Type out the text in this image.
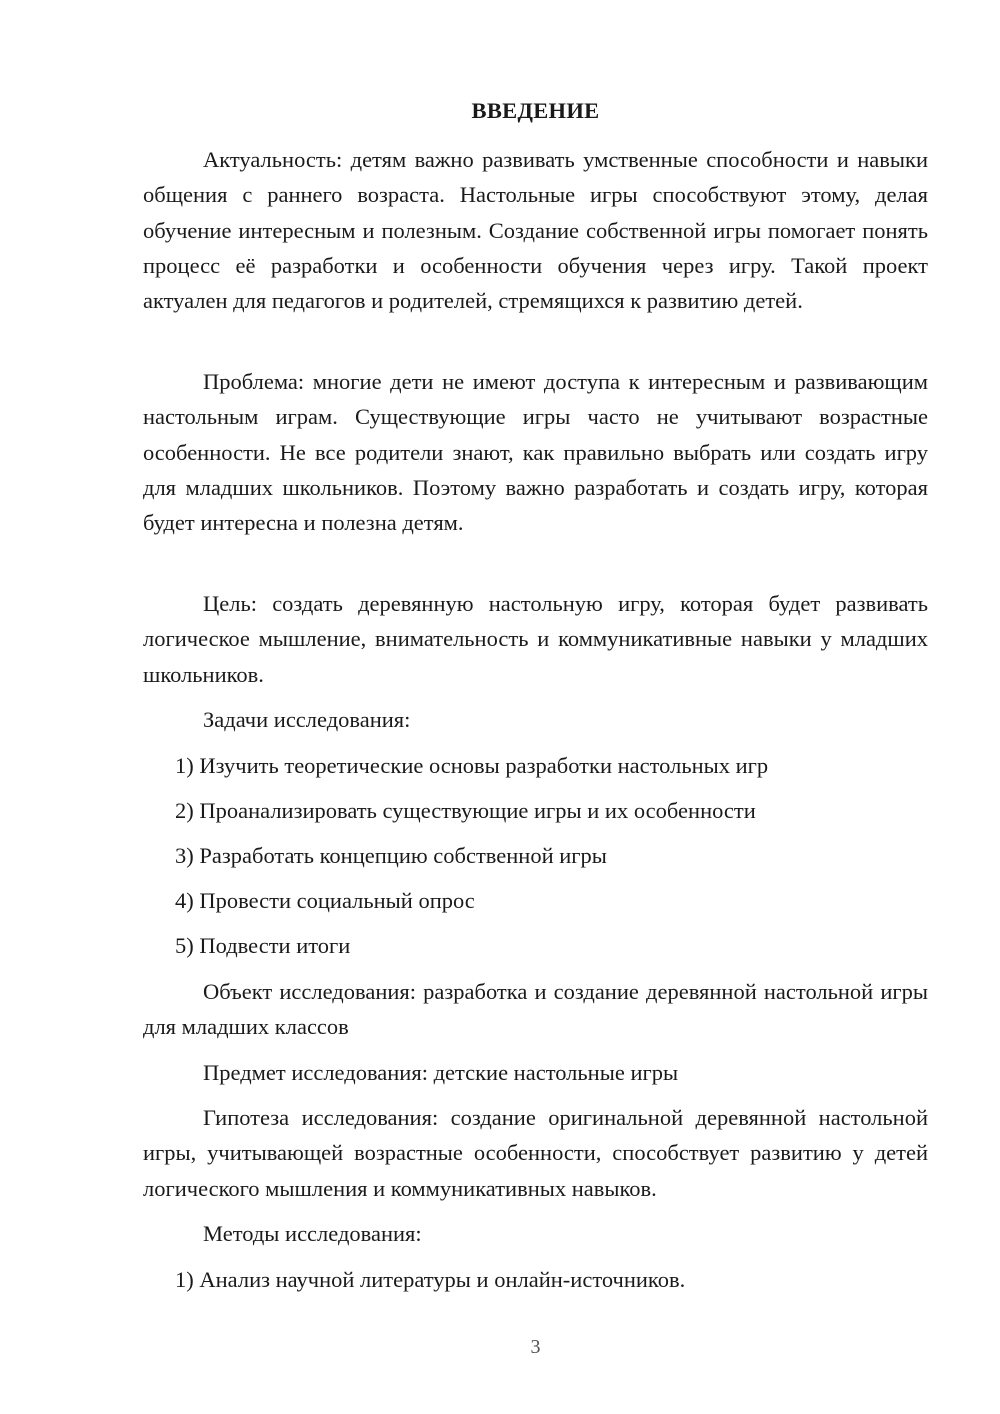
ВВЕДЕНИЕ

Актуальность: детям важно развивать умственные способности и навыки общения с раннего возраста. Настольные игры способствуют этому, делая обучение интересным и полезным. Создание собственной игры помогает понять процесс её разработки и особенности обучения через игру. Такой проект актуален для педагогов и родителей, стремящихся к развитию детей.

Проблема: многие дети не имеют доступа к интересным и развивающим настольным играм. Существующие игры часто не учитывают возрастные особенности. Не все родители знают, как правильно выбрать или создать игру для младших школьников. Поэтому важно разработать и создать игру, которая будет интересна и полезна детям.

Цель: создать деревянную настольную игру, которая будет развивать логическое мышление, внимательность и коммуникативные навыки у младших школьников.

Задачи исследования:

1) Изучить теоретические основы разработки настольных игр

2) Проанализировать существующие игры и их особенности

3) Разработать концепцию собственной игры

4) Провести социальный опрос

5) Подвести итоги

Объект исследования: разработка и создание деревянной настольной игры для младших классов

Предмет исследования: детские настольные игры

Гипотеза исследования: создание оригинальной деревянной настольной игры, учитывающей возрастные особенности, способствует развитию у детей логического мышления и коммуникативных навыков.

Методы исследования:

1) Анализ научной литературы и онлайн-источников.

3
